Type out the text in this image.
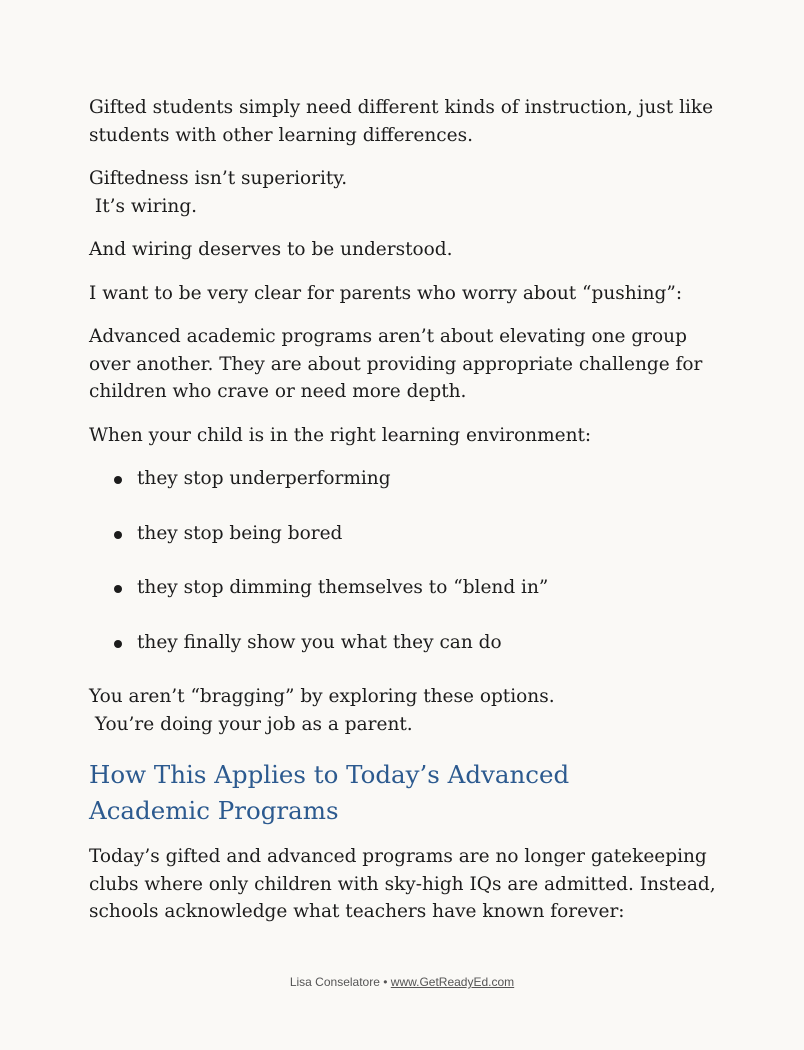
Gifted students simply need different kinds of instruction, just like students with other learning differences.

Giftedness isn’t superiority.
It’s wiring.

And wiring deserves to be understood.

I want to be very clear for parents who worry about “pushing”:

Advanced academic programs aren’t about elevating one group over another. They are about providing appropriate challenge for children who crave or need more depth.

When your child is in the right learning environment:

they stop underperforming
they stop being bored
they stop dimming themselves to “blend in”
they finally show you what they can do

You aren’t “bragging” by exploring these options.
You’re doing your job as a parent.

How This Applies to Today’s Advanced Academic Programs

Today’s gifted and advanced programs are no longer gatekeeping clubs where only children with sky-high IQs are admitted. Instead, schools acknowledge what teachers have known forever:

Lisa Conselatore • www.GetReadyEd.com
